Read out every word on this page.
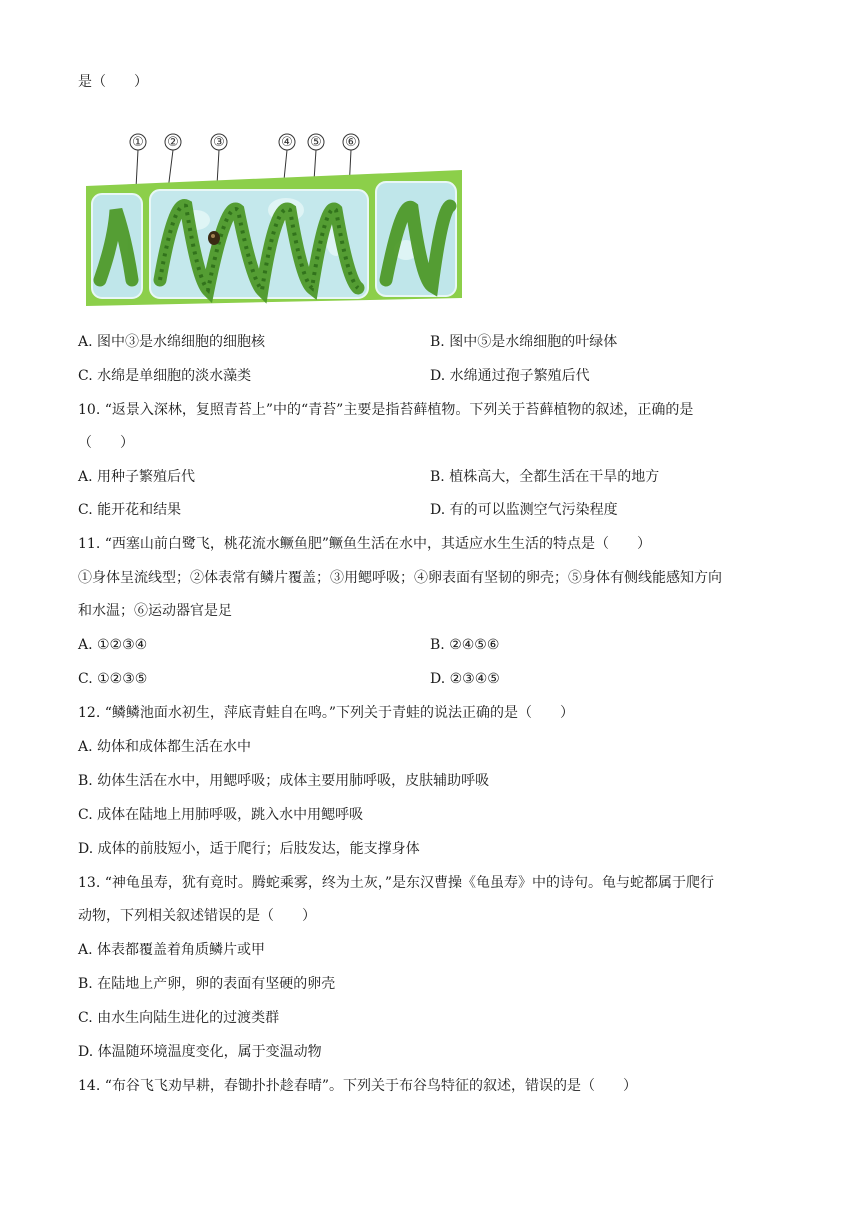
是（　　）
① ②	③	④ ⑤ ⑥
A. 图中③是水绵细胞的细胞核	B. 图中⑤是水绵细胞的叶绿体
C. 水绵是单细胞的淡水藻类	D. 水绵通过孢子繁殖后代
10. “返景入深林，复照青苔上”中的“青苔”主要是指苔藓植物。下列关于苔藓植物的叙述，正确的是
（　　）
A. 用种子繁殖后代	B. 植株高大，全都生活在干旱的地方
C. 能开花和结果	D. 有的可以监测空气污染程度
11. “西塞山前白鹭飞，桃花流水鳜鱼肥”鳜鱼生活在水中，其适应水生生活的特点是（　　）
①身体呈流线型；②体表常有鳞片覆盖；③用鳃呼吸；④卵表面有坚韧的卵壳；⑤身体有侧线能感知方向
和水温；⑥运动器官是足
A. ①②③④	B. ②④⑤⑥
C. ①②③⑤	D. ②③④⑤
12. “鳞鳞池面水初生，萍底青蛙自在鸣。”下列关于青蛙的说法正确的是（　　）
A. 幼体和成体都生活在水中
B. 幼体生活在水中，用鳃呼吸；成体主要用肺呼吸，皮肤辅助呼吸
C. 成体在陆地上用肺呼吸，跳入水中用鳃呼吸
D. 成体的前肢短小，适于爬行；后肢发达，能支撑身体
13. “神龟虽寿，犹有竟时。腾蛇乘雾，终为土灰，”是东汉曹操《龟虽寿》中的诗句。龟与蛇都属于爬行
动物，下列相关叙述错误的是（　　）
A. 体表都覆盖着角质鳞片或甲
B. 在陆地上产卵，卵的表面有坚硬的卵壳
C. 由水生向陆生进化的过渡类群
D. 体温随环境温度变化，属于变温动物
14. “布谷飞飞劝早耕，春锄扑扑趁春晴”。下列关于布谷鸟特征的叙述，错误的是（　　）
